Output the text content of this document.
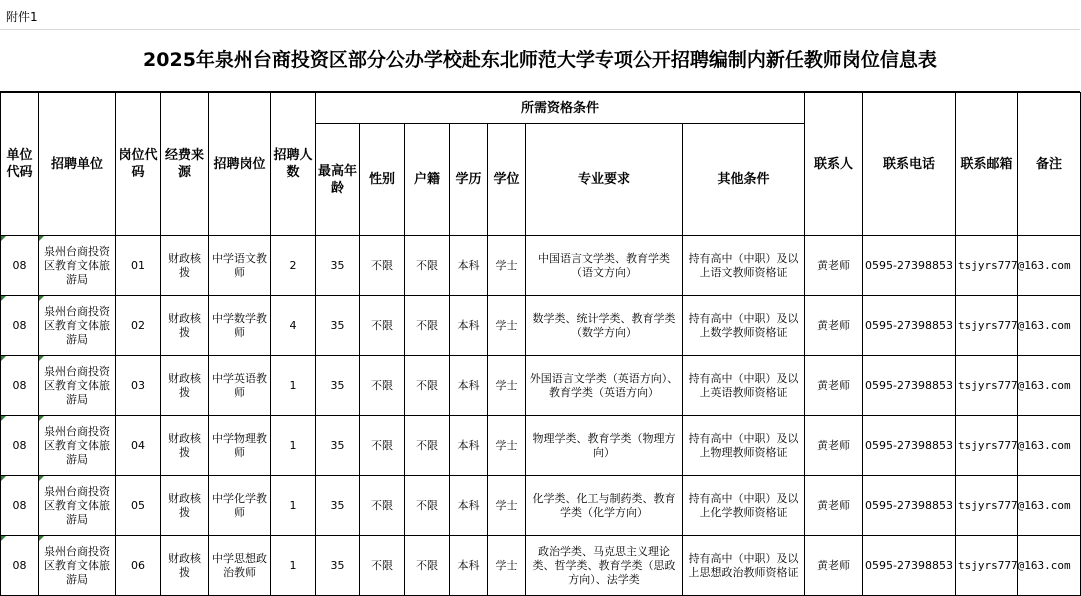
附件1
2025年泉州台商投资区部分公办学校赴东北师范大学专项公开招聘编制内新任教师岗位信息表
单位代码	招聘单位	岗位代码	经费来源	招聘岗位	招聘人数	所需资格条件							联系人	联系电话	联系邮箱	备注
						最高年龄	性别	户籍	学历	学位	专业要求	其他条件				
08	泉州台商投资区教育文体旅游局	01	财政核拨	中学语文教师	2	35	不限	不限	本科	学士	中国语言文学类、教育学类（语文方向）	持有高中（中职）及以上语文教师资格证	黄老师	0595-27398853	tsjyrs777@163.com	
08	泉州台商投资区教育文体旅游局	02	财政核拨	中学数学教师	4	35	不限	不限	本科	学士	数学类、统计学类、教育学类（数学方向）	持有高中（中职）及以上数学教师资格证	黄老师	0595-27398853	tsjyrs777@163.com	
08	泉州台商投资区教育文体旅游局	03	财政核拨	中学英语教师	1	35	不限	不限	本科	学士	外国语言文学类（英语方向）、教育学类（英语方向）	持有高中（中职）及以上英语教师资格证	黄老师	0595-27398853	tsjyrs777@163.com	
08	泉州台商投资区教育文体旅游局	04	财政核拨	中学物理教师	1	35	不限	不限	本科	学士	物理学类、教育学类（物理方向）	持有高中（中职）及以上物理教师资格证	黄老师	0595-27398853	tsjyrs777@163.com	
08	泉州台商投资区教育文体旅游局	05	财政核拨	中学化学教师	1	35	不限	不限	本科	学士	化学类、化工与制药类、教育学类（化学方向）	持有高中（中职）及以上化学教师资格证	黄老师	0595-27398853	tsjyrs777@163.com	
08	泉州台商投资区教育文体旅游局	06	财政核拨	中学思想政治教师	1	35	不限	不限	本科	学士	政治学类、马克思主义理论类、哲学类、教育学类（思政方向）、法学类	持有高中（中职）及以上思想政治教师资格证	黄老师	0595-27398853	tsjyrs777@163.com	
